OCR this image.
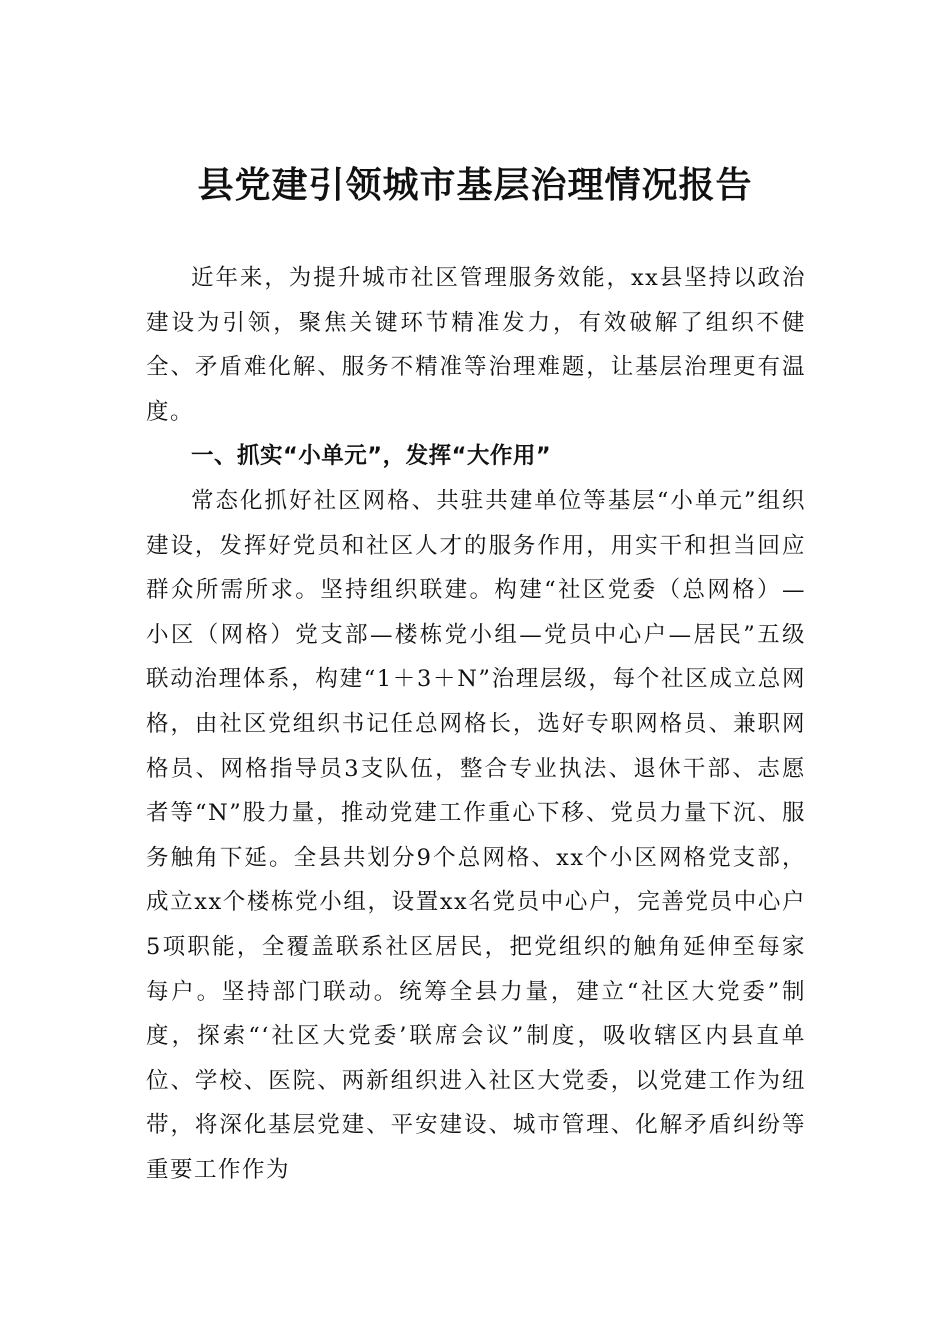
县党建引领城市基层治理情况报告

近年来，为提升城市社区管理服务效能，xx县坚持以政治建设为引领，聚焦关键环节精准发力，有效破解了组织不健全、矛盾难化解、服务不精准等治理难题，让基层治理更有温度。

一、抓实“小单元”，发挥“大作用”

常态化抓好社区网格、共驻共建单位等基层“小单元”组织建设，发挥好党员和社区人才的服务作用，用实干和担当回应群众所需所求。坚持组织联建。构建“社区党委（总网格）—小区（网格）党支部—楼栋党小组—党员中心户—居民”五级联动治理体系，构建“1＋3＋N”治理层级，每个社区成立总网格，由社区党组织书记任总网格长，选好专职网格员、兼职网格员、网格指导员3支队伍，整合专业执法、退休干部、志愿者等“N”股力量，推动党建工作重心下移、党员力量下沉、服务触角下延。全县共划分9个总网格、xx个小区网格党支部，成立xx个楼栋党小组，设置xx名党员中心户，完善党员中心户5项职能，全覆盖联系社区居民，把党组织的触角延伸至每家每户。坚持部门联动。统筹全县力量，建立“社区大党委”制度，探索“‘社区大党委’联席会议”制度，吸收辖区内县直单位、学校、医院、两新组织进入社区大党委，以党建工作为纽带，将深化基层党建、平安建设、城市管理、化解矛盾纠纷等重要工作作为
